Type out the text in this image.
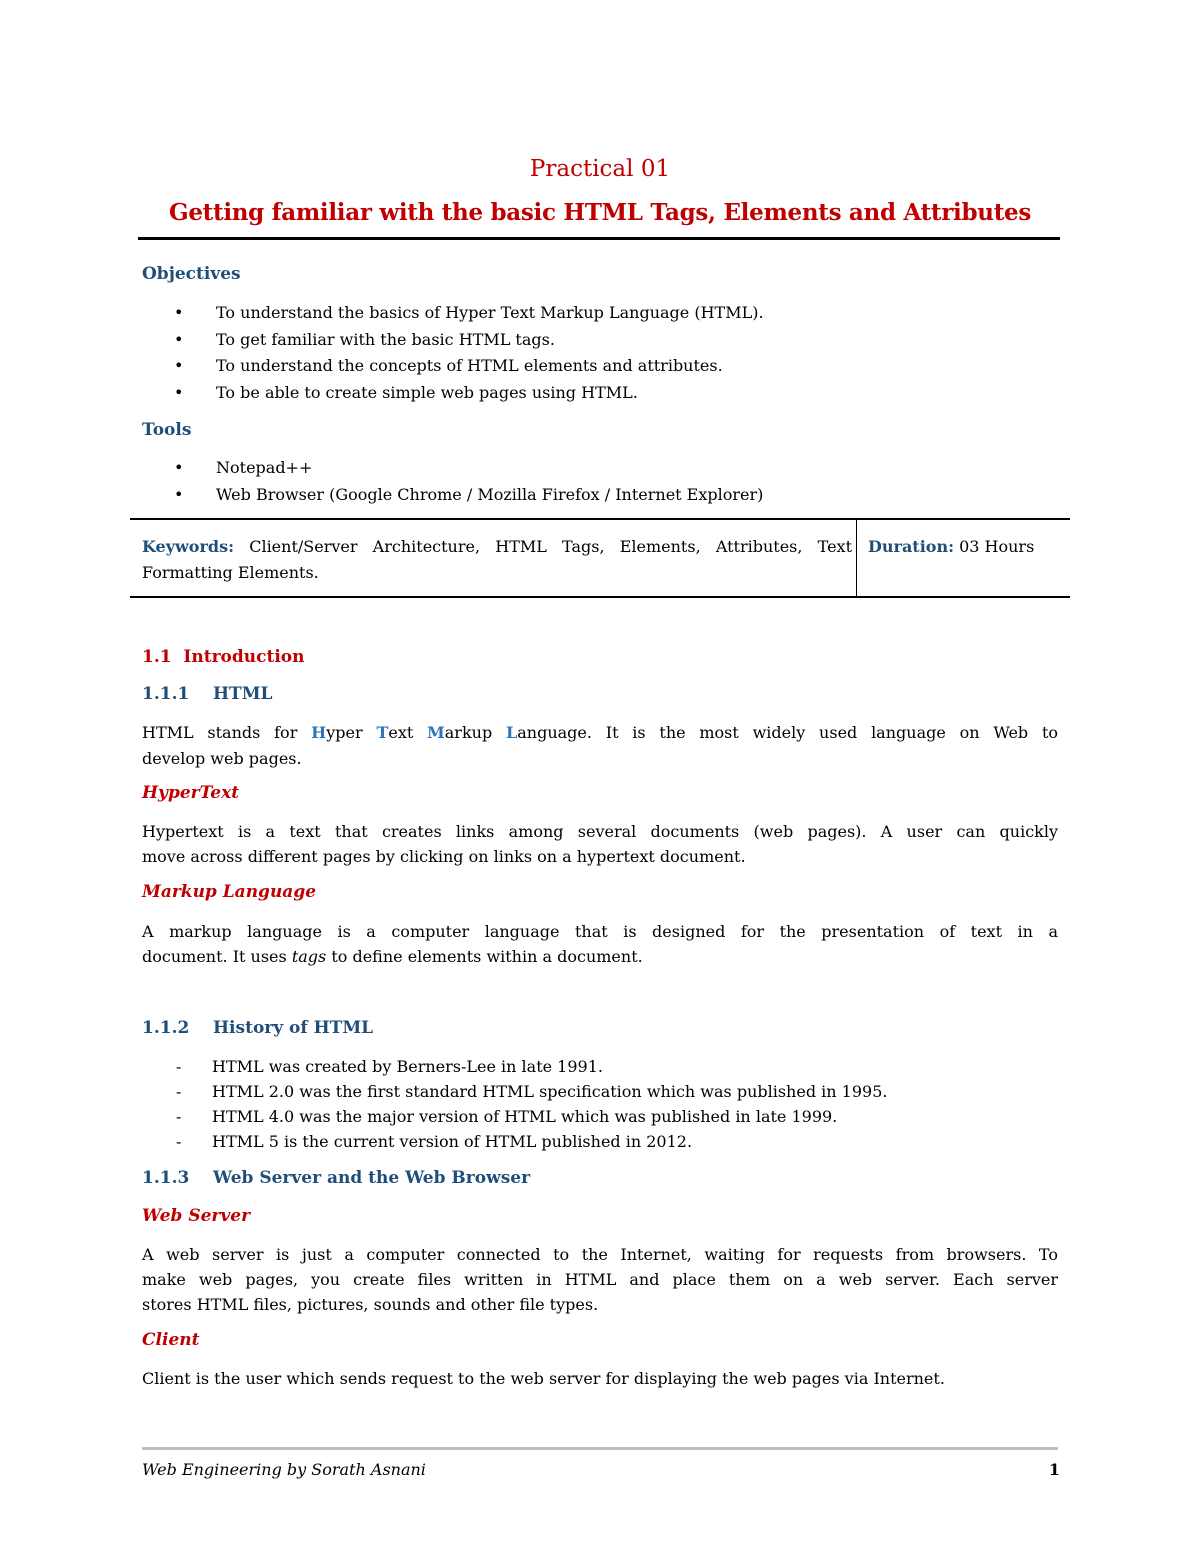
Practical 01
Getting familiar with the basic HTML Tags, Elements and Attributes
Objectives
• To understand the basics of Hyper Text Markup Language (HTML).
• To get familiar with the basic HTML tags.
• To understand the concepts of HTML elements and attributes.
• To be able to create simple web pages using HTML.
Tools
• Notepad++
• Web Browser (Google Chrome / Mozilla Firefox / Internet Explorer)
Keywords: Client/Server Architecture, HTML Tags, Elements, Attributes, Text Formatting Elements.
Duration: 03 Hours
1.1  Introduction
1.1.1 HTML
HTML stands for Hyper Text Markup Language. It is the most widely used language on Web to
develop web pages.
HyperText
Hypertext is a text that creates links among several documents (web pages). A user can quickly
move across different pages by clicking on links on a hypertext document.
Markup Language
A markup language is a computer language that is designed for the presentation of text in a
document. It uses tags to define elements within a document.
1.1.2 History of HTML
- HTML was created by Berners-Lee in late 1991.
- HTML 2.0 was the first standard HTML specification which was published in 1995.
- HTML 4.0 was the major version of HTML which was published in late 1999.
- HTML 5 is the current version of HTML published in 2012.
1.1.3 Web Server and the Web Browser
Web Server
A web server is just a computer connected to the Internet, waiting for requests from browsers. To
make web pages, you create files written in HTML and place them on a web server. Each server
stores HTML files, pictures, sounds and other file types.
Client
Client is the user which sends request to the web server for displaying the web pages via Internet.
Web Engineering by Sorath Asnani	1
